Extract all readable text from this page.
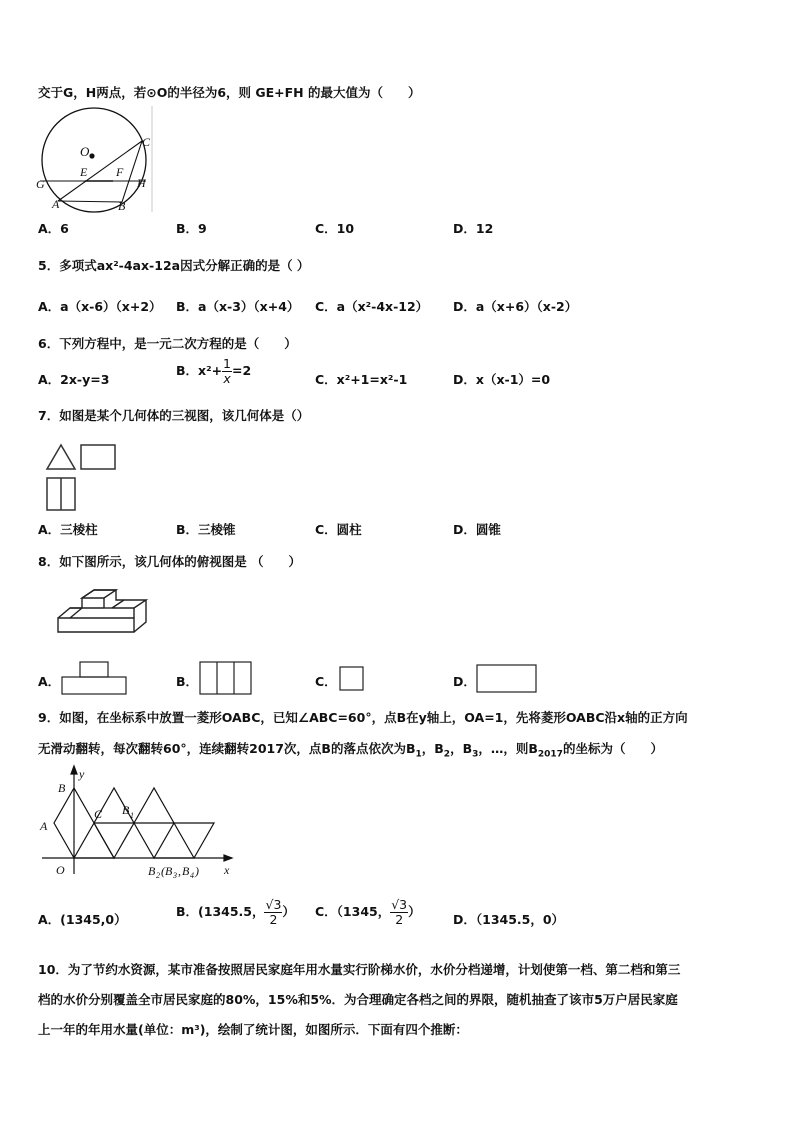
交于G，H两点，若⊙O的半径为6，则 GE+FH 的最大值为（　　）
O
C
E F
G	H
A	B
A．6	B．9	C．10	D．12
5．多项式ax²-4ax-12a因式分解正确的是（ ）
A．a（x-6）（x+2） B．a（x-3）（x+4） C．a（x²-4x-12） D．a（x+6）（x-2）
6．下列方程中，是一元二次方程的是（　　）
A．2x-y=3
B．$x^2+ \frac{1}{x} =2$
C．x²+1=x²-1	D．x（x-1）=0
7．如图是某个几何体的三视图，该几何体是（）
A．三棱柱	B．三棱锥	C．圆柱	D．圆锥
8．如下图所示，该几何体的俯视图是 （　　）
A．	B．	C．	D．
9．如图，在坐标系中放置一菱形OABC，已知∠ABC=60°，点B在y轴上，OA=1，先将菱形OABC沿x轴的正方向
无滑动翻转，每次翻转60°，连续翻转2017次，点B的落点依次为$B_1$，$B_2$，$B_3$，…，则$B_{2017}$的坐标为（　　）
y
B
A
C B 1
O	x
B 2 ( B 3 , B 4 )
A．(1345,0）
B．(1345.5， $\frac{√3}{2}$ ） C．（1345， $\frac{√3}{2}$ ）
D．（1345.5，0）
10．为了节约水资源，某市准备按照居民家庭年用水量实行阶梯水价，水价分档递增，计划使第一档、第二档和第三
档的水价分别覆盖全市居民家庭的80%，15%和5%．为合理确定各档之间的界限，随机抽查了该市5万户居民家庭
上一年的年用水量(单位：m³)，绘制了统计图，如图所示．下面有四个推断：
